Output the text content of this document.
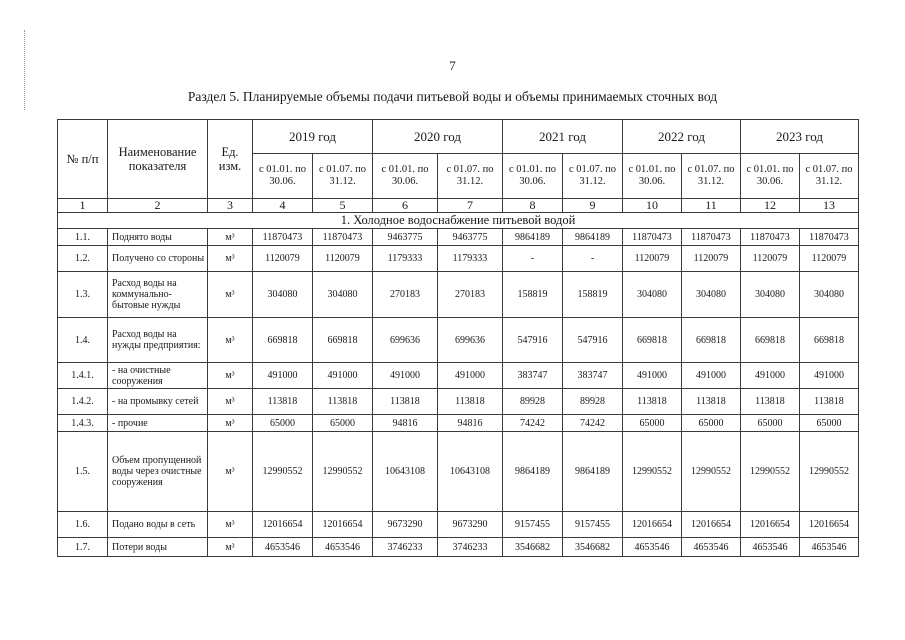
7
Раздел 5. Планируемые объемы подачи питьевой воды и объемы принимаемых сточных вод
№ п/п	Наименование показателя	Ед. изм.	2019 год		2020 год		2021 год		2022 год		2023 год	
			с 01.01. по 30.06.	с 01.07. по 31.12.	с 01.01. по 30.06.	с 01.07. по 31.12.	с 01.01. по 30.06.	с 01.07. по 31.12.	с 01.01. по 30.06.	с 01.07. по 31.12.	с 01.01. по 30.06.	с 01.07. по 31.12.
1	2	3	4	5	6	7	8	9	10	11	12	13
1. Холодное водоснабжение питьевой водой												
1.1.	Поднято воды	м³	11870473	11870473	9463775	9463775	9864189	9864189	11870473	11870473	11870473	11870473
1.2.	Получено со стороны	м³	1120079	1120079	1179333	1179333	-	-	1120079	1120079	1120079	1120079
1.3.	Расход воды на коммунально-бытовые нужды	м³	304080	304080	270183	270183	158819	158819	304080	304080	304080	304080
1.4.	Расход воды на нужды предприятия:	м³	669818	669818	699636	699636	547916	547916	669818	669818	669818	669818
1.4.1.	- на очистные сооружения	м³	491000	491000	491000	491000	383747	383747	491000	491000	491000	491000
1.4.2.	- на промывку сетей	м³	113818	113818	113818	113818	89928	89928	113818	113818	113818	113818
1.4.3.	- прочие	м³	65000	65000	94816	94816	74242	74242	65000	65000	65000	65000
1.5.	Объем пропущенной воды через очистные сооружения	м³	12990552	12990552	10643108	10643108	9864189	9864189	12990552	12990552	12990552	12990552
1.6.	Подано воды в сеть	м³	12016654	12016654	9673290	9673290	9157455	9157455	12016654	12016654	12016654	12016654
1.7.	Потери воды	м³	4653546	4653546	3746233	3746233	3546682	3546682	4653546	4653546	4653546	4653546
